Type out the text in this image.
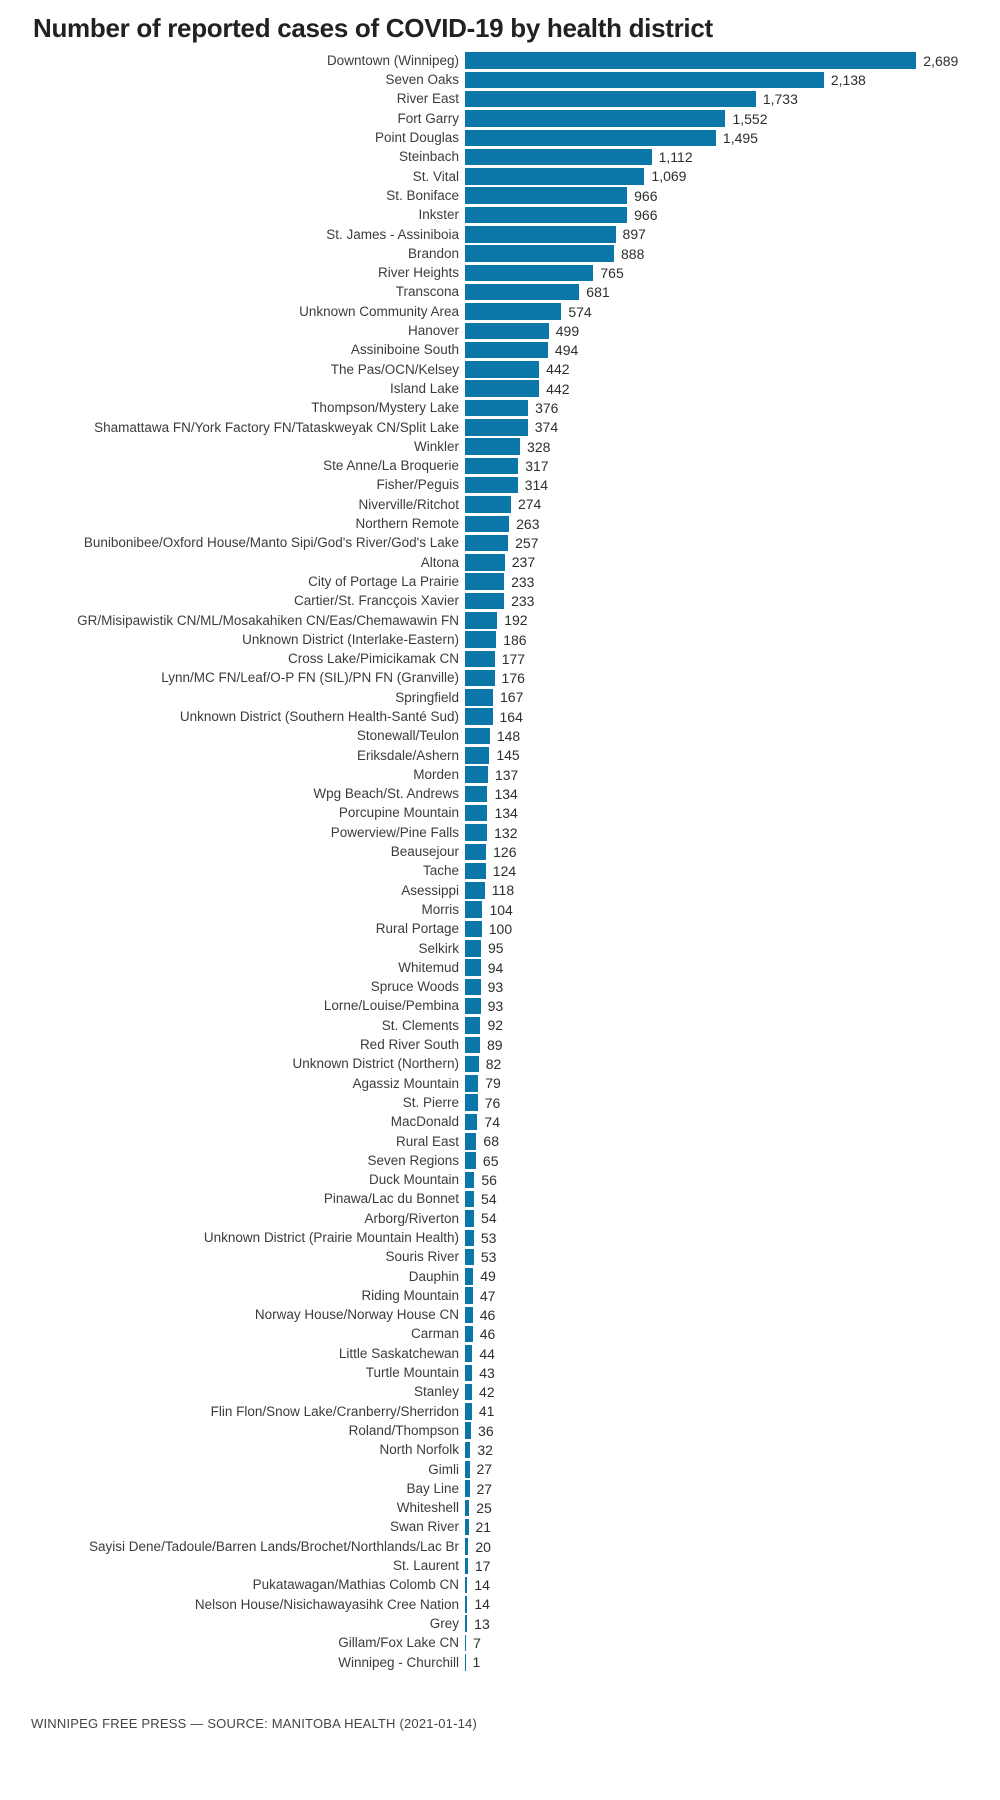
Number of reported cases of COVID-19 by health district
Downtown (Winnipeg)	2,689
Seven Oaks	2,138
River East	1,733
Fort Garry	1,552
Point Douglas	1,495
Steinbach	1,112
St. Vital	1,069
St. Boniface	966
Inkster	966
St. James - Assiniboia	897
Brandon	888
River Heights	765
Transcona	681
Unknown Community Area	574
Hanover	499
Assiniboine South	494
The Pas/OCN/Kelsey	442
Island Lake	442
Thompson/Mystery Lake	376
Shamattawa FN/York Factory FN/Tataskweyak CN/Split Lake	374
Winkler	328
Ste Anne/La Broquerie	317
Fisher/Peguis	314
Niverville/Ritchot	274
Northern Remote	263
Bunibonibee/Oxford House/Manto Sipi/God's River/God's Lake	257
Altona	237
City of Portage La Prairie	233
Cartier/St. Francçois Xavier	233
GR/Misipawistik CN/ML/Mosakahiken CN/Eas/Chemawawin FN	192
Unknown District (Interlake-Eastern)	186
Cross Lake/Pimicikamak CN	177
Lynn/MC FN/Leaf/O-P FN (SIL)/PN FN (Granville)	176
Springfield	167
Unknown District (Southern Health-Santé Sud)	164
Stonewall/Teulon	148
Eriksdale/Ashern	145
Morden	137
Wpg Beach/St. Andrews	134
Porcupine Mountain	134
Powerview/Pine Falls	132
Beausejour 126
Tache 124
Asessippi 118
Morris 104
Rural Portage 100
Selkirk 95
Whitemud 94
Spruce Woods 93
Lorne/Louise/Pembina 93
St. Clements 92
Red River South 89
Unknown District (Northern) 82
Agassiz Mountain 79
St. Pierre 76
MacDonald 74
Rural East 68
Seven Regions 65
Duck Mountain 56
Pinawa/Lac du Bonnet 54
Arborg/Riverton 54
Unknown District (Prairie Mountain Health) 53
Souris River 53
Dauphin 49
Riding Mountain 47
Norway House/Norway House CN 46
Carman 46
Little Saskatchewan 44
Turtle Mountain 43
Stanley 42
Flin Flon/Snow Lake/Cranberry/Sherridon 41
Roland/Thompson 36
North Norfolk 32
Gimli 27
Bay Line 27
Whiteshell 25
Swan River 21
Sayisi Dene/Tadoule/Barren Lands/Brochet/Northlands/Lac Br 20
St. Laurent 17
Pukatawagan/Mathias Colomb CN 14
Nelson House/Nisichawayasihk Cree Nation 14
Grey 13
Gillam/Fox Lake CN 7
Winnipeg - Churchill 1
WINNIPEG FREE PRESS — SOURCE: MANITOBA HEALTH (2021-01-14)
